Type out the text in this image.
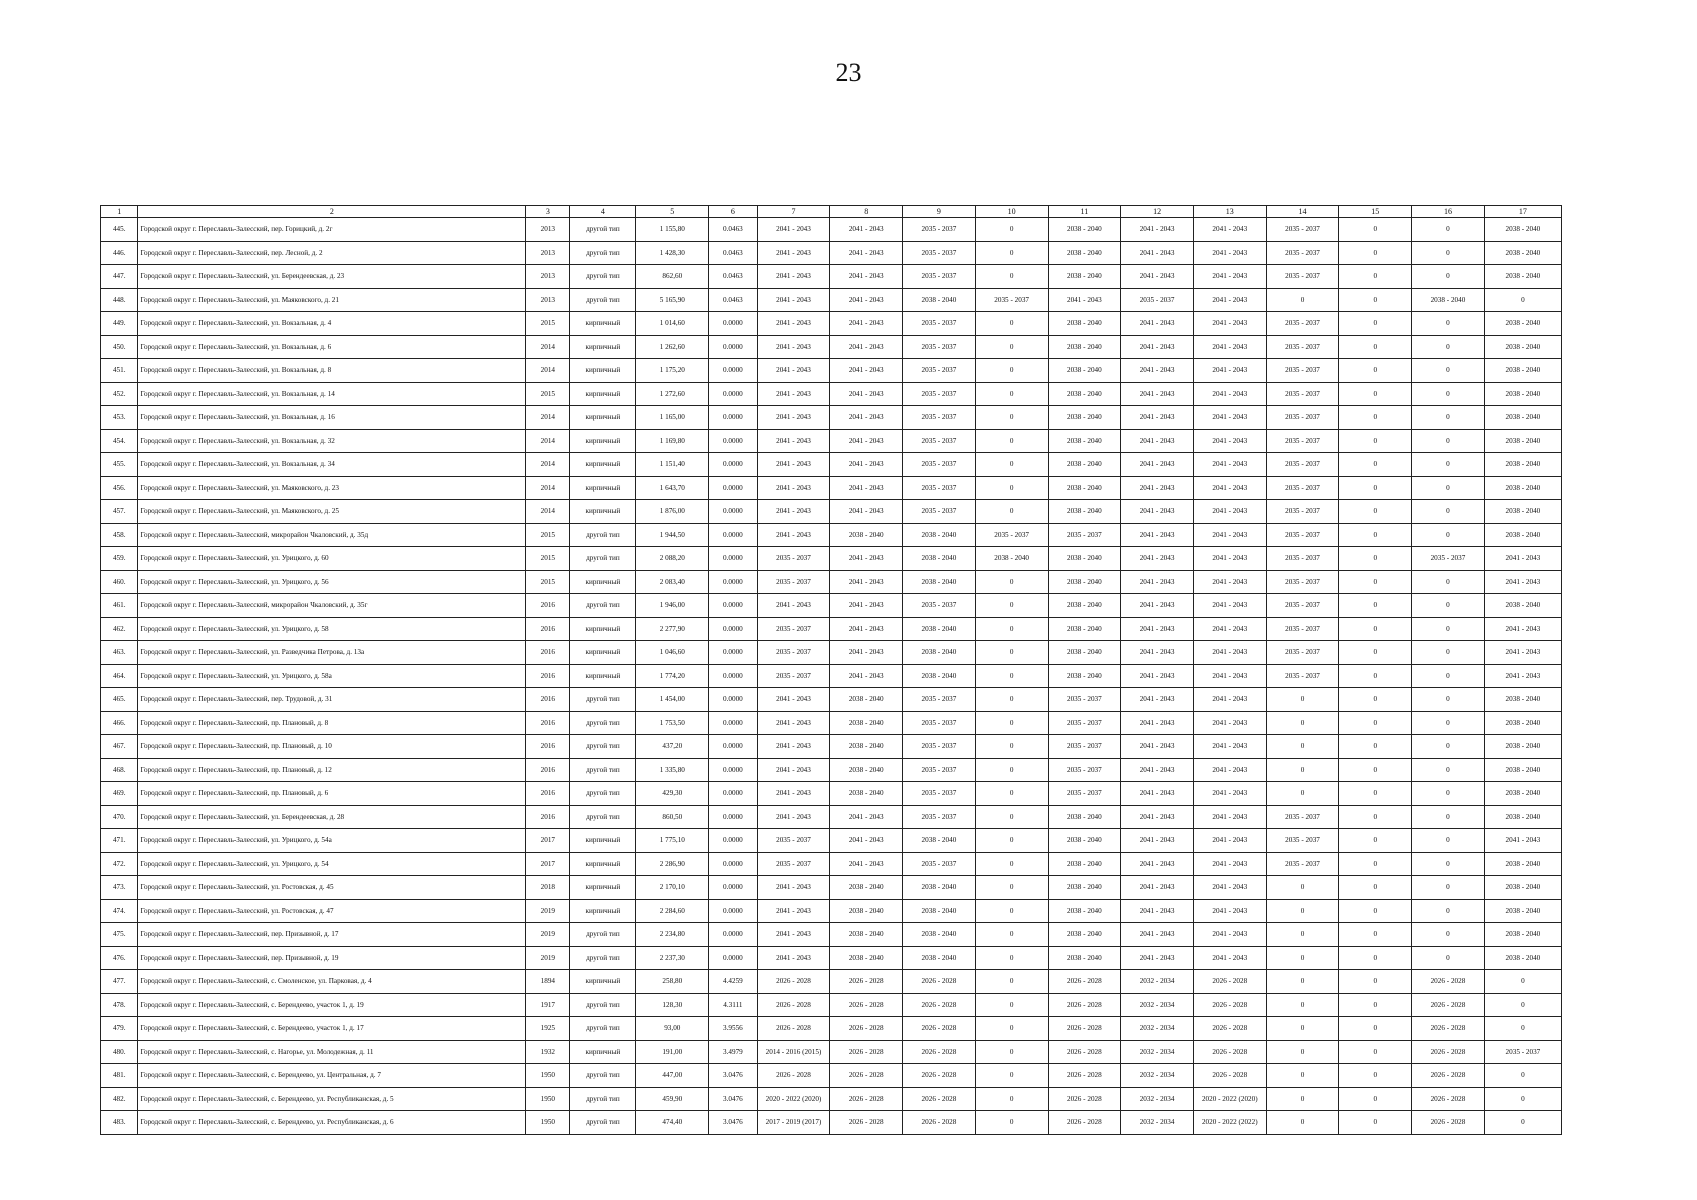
23
1	2	3	4	5	6	7	8	9	10	11	12	13	14	15	16	17
445.	Городской округ г. Переславль-Залесский, пер. Горицкий, д. 2г	2013	другой тип	1 155,80	0.0463	2041 - 2043	2041 - 2043	2035 - 2037	0	2038 - 2040	2041 - 2043	2041 - 2043	2035 - 2037	0	0	2038 - 2040
446.	Городской округ г. Переславль-Залесский, пер. Лесной, д. 2	2013	другой тип	1 428,30	0.0463	2041 - 2043	2041 - 2043	2035 - 2037	0	2038 - 2040	2041 - 2043	2041 - 2043	2035 - 2037	0	0	2038 - 2040
447.	Городской округ г. Переславль-Залесский, ул. Берендеевская, д. 23	2013	другой тип	862,60	0.0463	2041 - 2043	2041 - 2043	2035 - 2037	0	2038 - 2040	2041 - 2043	2041 - 2043	2035 - 2037	0	0	2038 - 2040
448.	Городской округ г. Переславль-Залесский, ул. Маяковского, д. 21	2013	другой тип	5 165,90	0.0463	2041 - 2043	2041 - 2043	2038 - 2040	2035 - 2037	2041 - 2043	2035 - 2037	2041 - 2043	0	0	2038 - 2040	0
449.	Городской округ г. Переславль-Залесский, ул. Вокзальная, д. 4	2015	кирпичный	1 014,60	0.0000	2041 - 2043	2041 - 2043	2035 - 2037	0	2038 - 2040	2041 - 2043	2041 - 2043	2035 - 2037	0	0	2038 - 2040
450.	Городской округ г. Переславль-Залесский, ул. Вокзальная, д. 6	2014	кирпичный	1 262,60	0.0000	2041 - 2043	2041 - 2043	2035 - 2037	0	2038 - 2040	2041 - 2043	2041 - 2043	2035 - 2037	0	0	2038 - 2040
451.	Городской округ г. Переславль-Залесский, ул. Вокзальная, д. 8	2014	кирпичный	1 175,20	0.0000	2041 - 2043	2041 - 2043	2035 - 2037	0	2038 - 2040	2041 - 2043	2041 - 2043	2035 - 2037	0	0	2038 - 2040
452.	Городской округ г. Переславль-Залесский, ул. Вокзальная, д. 14	2015	кирпичный	1 272,60	0.0000	2041 - 2043	2041 - 2043	2035 - 2037	0	2038 - 2040	2041 - 2043	2041 - 2043	2035 - 2037	0	0	2038 - 2040
453.	Городской округ г. Переславль-Залесский, ул. Вокзальная, д. 16	2014	кирпичный	1 165,00	0.0000	2041 - 2043	2041 - 2043	2035 - 2037	0	2038 - 2040	2041 - 2043	2041 - 2043	2035 - 2037	0	0	2038 - 2040
454.	Городской округ г. Переславль-Залесский, ул. Вокзальная, д. 32	2014	кирпичный	1 169,80	0.0000	2041 - 2043	2041 - 2043	2035 - 2037	0	2038 - 2040	2041 - 2043	2041 - 2043	2035 - 2037	0	0	2038 - 2040
455.	Городской округ г. Переславль-Залесский, ул. Вокзальная, д. 34	2014	кирпичный	1 151,40	0.0000	2041 - 2043	2041 - 2043	2035 - 2037	0	2038 - 2040	2041 - 2043	2041 - 2043	2035 - 2037	0	0	2038 - 2040
456.	Городской округ г. Переславль-Залесский, ул. Маяковского, д. 23	2014	кирпичный	1 643,70	0.0000	2041 - 2043	2041 - 2043	2035 - 2037	0	2038 - 2040	2041 - 2043	2041 - 2043	2035 - 2037	0	0	2038 - 2040
457.	Городской округ г. Переславль-Залесский, ул. Маяковского, д. 25	2014	кирпичный	1 876,00	0.0000	2041 - 2043	2041 - 2043	2035 - 2037	0	2038 - 2040	2041 - 2043	2041 - 2043	2035 - 2037	0	0	2038 - 2040
458.	Городской округ г. Переславль-Залесский, микрорайон Чкаловский, д. 35д	2015	другой тип	1 944,50	0.0000	2041 - 2043	2038 - 2040	2038 - 2040	2035 - 2037	2035 - 2037	2041 - 2043	2041 - 2043	2035 - 2037	0	0	2038 - 2040
459.	Городской округ г. Переславль-Залесский, ул. Урицкого, д. 60	2015	другой тип	2 088,20	0.0000	2035 - 2037	2041 - 2043	2038 - 2040	2038 - 2040	2038 - 2040	2041 - 2043	2041 - 2043	2035 - 2037	0	2035 - 2037	2041 - 2043
460.	Городской округ г. Переславль-Залесский, ул. Урицкого, д. 56	2015	кирпичный	2 083,40	0.0000	2035 - 2037	2041 - 2043	2038 - 2040	0	2038 - 2040	2041 - 2043	2041 - 2043	2035 - 2037	0	0	2041 - 2043
461.	Городской округ г. Переславль-Залесский, микрорайон Чкаловский, д. 35г	2016	другой тип	1 946,00	0.0000	2041 - 2043	2041 - 2043	2035 - 2037	0	2038 - 2040	2041 - 2043	2041 - 2043	2035 - 2037	0	0	2038 - 2040
462.	Городской округ г. Переславль-Залесский, ул. Урицкого, д. 58	2016	кирпичный	2 277,90	0.0000	2035 - 2037	2041 - 2043	2038 - 2040	0	2038 - 2040	2041 - 2043	2041 - 2043	2035 - 2037	0	0	2041 - 2043
463.	Городской округ г. Переславль-Залесский, ул. Разведчика Петрова, д. 13а	2016	кирпичный	1 046,60	0.0000	2035 - 2037	2041 - 2043	2038 - 2040	0	2038 - 2040	2041 - 2043	2041 - 2043	2035 - 2037	0	0	2041 - 2043
464.	Городской округ г. Переславль-Залесский, ул. Урицкого, д. 58а	2016	кирпичный	1 774,20	0.0000	2035 - 2037	2041 - 2043	2038 - 2040	0	2038 - 2040	2041 - 2043	2041 - 2043	2035 - 2037	0	0	2041 - 2043
465.	Городской округ г. Переславль-Залесский, пер. Трудовой, д. 31	2016	другой тип	1 454,00	0.0000	2041 - 2043	2038 - 2040	2035 - 2037	0	2035 - 2037	2041 - 2043	2041 - 2043	0	0	0	2038 - 2040
466.	Городской округ г. Переславль-Залесский, пр. Плановый, д. 8	2016	другой тип	1 753,50	0.0000	2041 - 2043	2038 - 2040	2035 - 2037	0	2035 - 2037	2041 - 2043	2041 - 2043	0	0	0	2038 - 2040
467.	Городской округ г. Переславль-Залесский, пр. Плановый, д. 10	2016	другой тип	437,20	0.0000	2041 - 2043	2038 - 2040	2035 - 2037	0	2035 - 2037	2041 - 2043	2041 - 2043	0	0	0	2038 - 2040
468.	Городской округ г. Переславль-Залесский, пр. Плановый, д. 12	2016	другой тип	1 335,80	0.0000	2041 - 2043	2038 - 2040	2035 - 2037	0	2035 - 2037	2041 - 2043	2041 - 2043	0	0	0	2038 - 2040
469.	Городской округ г. Переславль-Залесский, пр. Плановый, д. 6	2016	другой тип	429,30	0.0000	2041 - 2043	2038 - 2040	2035 - 2037	0	2035 - 2037	2041 - 2043	2041 - 2043	0	0	0	2038 - 2040
470.	Городской округ г. Переславль-Залесский, ул. Берендеевская, д. 28	2016	другой тип	860,50	0.0000	2041 - 2043	2041 - 2043	2035 - 2037	0	2038 - 2040	2041 - 2043	2041 - 2043	2035 - 2037	0	0	2038 - 2040
471.	Городской округ г. Переславль-Залесский, ул. Урицкого, д. 54а	2017	кирпичный	1 775,10	0.0000	2035 - 2037	2041 - 2043	2038 - 2040	0	2038 - 2040	2041 - 2043	2041 - 2043	2035 - 2037	0	0	2041 - 2043
472.	Городской округ г. Переславль-Залесский, ул. Урицкого, д. 54	2017	кирпичный	2 286,90	0.0000	2035 - 2037	2041 - 2043	2035 - 2037	0	2038 - 2040	2041 - 2043	2041 - 2043	2035 - 2037	0	0	2038 - 2040
473.	Городской округ г. Переславль-Залесский, ул. Ростовская, д. 45	2018	кирпичный	2 170,10	0.0000	2041 - 2043	2038 - 2040	2038 - 2040	0	2038 - 2040	2041 - 2043	2041 - 2043	0	0	0	2038 - 2040
474.	Городской округ г. Переславль-Залесский, ул. Ростовская, д. 47	2019	кирпичный	2 284,60	0.0000	2041 - 2043	2038 - 2040	2038 - 2040	0	2038 - 2040	2041 - 2043	2041 - 2043	0	0	0	2038 - 2040
475.	Городской округ г. Переславль-Залесский, пер. Призывной, д. 17	2019	другой тип	2 234,80	0.0000	2041 - 2043	2038 - 2040	2038 - 2040	0	2038 - 2040	2041 - 2043	2041 - 2043	0	0	0	2038 - 2040
476.	Городской округ г. Переславль-Залесский, пер. Призывной, д. 19	2019	другой тип	2 237,30	0.0000	2041 - 2043	2038 - 2040	2038 - 2040	0	2038 - 2040	2041 - 2043	2041 - 2043	0	0	0	2038 - 2040
477.	Городской округ г. Переславль-Залесский, с. Смоленское, ул. Парковая, д. 4	1894	кирпичный	258,80	4.4259	2026 - 2028	2026 - 2028	2026 - 2028	0	2026 - 2028	2032 - 2034	2026 - 2028	0	0	2026 - 2028	0
478.	Городской округ г. Переславль-Залесский, с. Берендеево, участок 1, д. 19	1917	другой тип	128,30	4.3111	2026 - 2028	2026 - 2028	2026 - 2028	0	2026 - 2028	2032 - 2034	2026 - 2028	0	0	2026 - 2028	0
479.	Городской округ г. Переславль-Залесский, с. Берендеево, участок 1, д. 17	1925	другой тип	93,00	3.9556	2026 - 2028	2026 - 2028	2026 - 2028	0	2026 - 2028	2032 - 2034	2026 - 2028	0	0	2026 - 2028	0
480.	Городской округ г. Переславль-Залесский, с. Нагорье, ул. Молодежная, д. 11	1932	кирпичный	191,00	3.4979	2014 - 2016 (2015)	2026 - 2028	2026 - 2028	0	2026 - 2028	2032 - 2034	2026 - 2028	0	0	2026 - 2028	2035 - 2037
481.	Городской округ г. Переславль-Залесский, с. Берендеево, ул. Центральная, д. 7	1950	другой тип	447,00	3.0476	2026 - 2028	2026 - 2028	2026 - 2028	0	2026 - 2028	2032 - 2034	2026 - 2028	0	0	2026 - 2028	0
482.	Городской округ г. Переславль-Залесский, с. Берендеево, ул. Республиканская, д. 5	1950	другой тип	459,90	3.0476	2020 - 2022 (2020)	2026 - 2028	2026 - 2028	0	2026 - 2028	2032 - 2034	2020 - 2022 (2020)	0	0	2026 - 2028	0
483.	Городской округ г. Переславль-Залесский, с. Берендеево, ул. Республиканская, д. 6	1950	другой тип	474,40	3.0476	2017 - 2019 (2017)	2026 - 2028	2026 - 2028	0	2026 - 2028	2032 - 2034	2020 - 2022 (2022)	0	0	2026 - 2028	0
